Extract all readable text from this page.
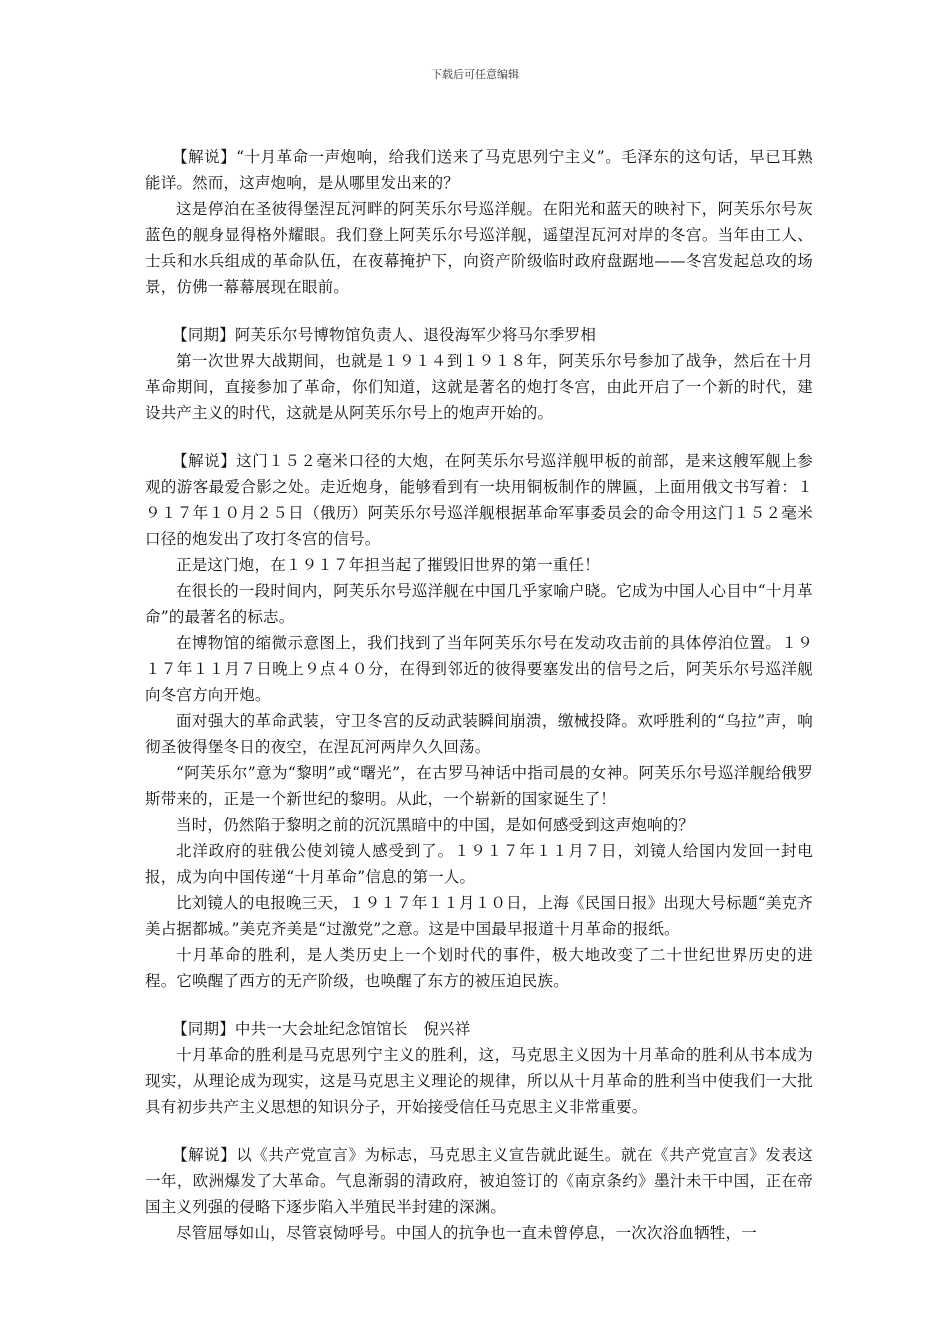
下载后可任意编辑

【解说】“十月革命一声炮响，给我们送来了马克思列宁主义”。毛泽东的这句话，早已耳熟能详。然而，这声炮响，是从哪里发出来的？

这是停泊在圣彼得堡涅瓦河畔的阿芙乐尔号巡洋舰。在阳光和蓝天的映衬下，阿芙乐尔号灰蓝色的舰身显得格外耀眼。我们登上阿芙乐尔号巡洋舰，遥望涅瓦河对岸的冬宫。当年由工人、士兵和水兵组成的革命队伍，在夜幕掩护下，向资产阶级临时政府盘踞地——冬宫发起总攻的场景，仿佛一幕幕展现在眼前。

【同期】阿芙乐尔号博物馆负责人、退役海军少将马尔季罗相

第一次世界大战期间，也就是１９１４到１９１８年，阿芙乐尔号参加了战争，然后在十月革命期间，直接参加了革命，你们知道，这就是著名的炮打冬宫，由此开启了一个新的时代，建设共产主义的时代，这就是从阿芙乐尔号上的炮声开始的。

【解说】这门１５２毫米口径的大炮，在阿芙乐尔号巡洋舰甲板的前部，是来这艘军舰上参观的游客最爱合影之处。走近炮身，能够看到有一块用铜板制作的牌匾，上面用俄文书写着：１９１７年１０月２５日（俄历）阿芙乐尔号巡洋舰根据革命军事委员会的命令用这门１５２毫米口径的炮发出了攻打冬宫的信号。

正是这门炮，在１９１７年担当起了摧毁旧世界的第一重任！

在很长的一段时间内，阿芙乐尔号巡洋舰在中国几乎家喻户晓。它成为中国人心目中“十月革命”的最著名的标志。

在博物馆的缩微示意图上，我们找到了当年阿芙乐尔号在发动攻击前的具体停泊位置。１９１７年１１月７日晚上９点４０分，在得到邻近的彼得要塞发出的信号之后，阿芙乐尔号巡洋舰向冬宫方向开炮。

面对强大的革命武装，守卫冬宫的反动武装瞬间崩溃，缴械投降。欢呼胜利的“乌拉”声，响彻圣彼得堡冬日的夜空，在涅瓦河两岸久久回荡。

“阿芙乐尔”意为“黎明”或“曙光”，在古罗马神话中指司晨的女神。阿芙乐尔号巡洋舰给俄罗斯带来的，正是一个新世纪的黎明。从此，一个崭新的国家诞生了！

当时，仍然陷于黎明之前的沉沉黑暗中的中国，是如何感受到这声炮响的？

北洋政府的驻俄公使刘镜人感受到了。１９１７年１１月７日，刘镜人给国内发回一封电报，成为向中国传递“十月革命”信息的第一人。

比刘镜人的电报晚三天，１９１７年１１月１０日，上海《民国日报》出现大号标题“美克齐美占据都城。”美克齐美是“过激党”之意。这是中国最早报道十月革命的报纸。

十月革命的胜利，是人类历史上一个划时代的事件，极大地改变了二十世纪世界历史的进程。它唤醒了西方的无产阶级，也唤醒了东方的被压迫民族。

【同期】中共一大会址纪念馆馆长　倪兴祥

十月革命的胜利是马克思列宁主义的胜利，这，马克思主义因为十月革命的胜利从书本成为现实，从理论成为现实，这是马克思主义理论的规律，所以从十月革命的胜利当中使我们一大批具有初步共产主义思想的知识分子，开始接受信任马克思主义非常重要。

【解说】以《共产党宣言》为标志，马克思主义宣告就此诞生。就在《共产党宣言》发表这一年，欧洲爆发了大革命。气息渐弱的清政府，被迫签订的《南京条约》墨汁未干中国，正在帝国主义列强的侵略下逐步陷入半殖民半封建的深渊。

尽管屈辱如山，尽管哀恸呼号。中国人的抗争也一直未曾停息，一次次浴血牺牲，一
